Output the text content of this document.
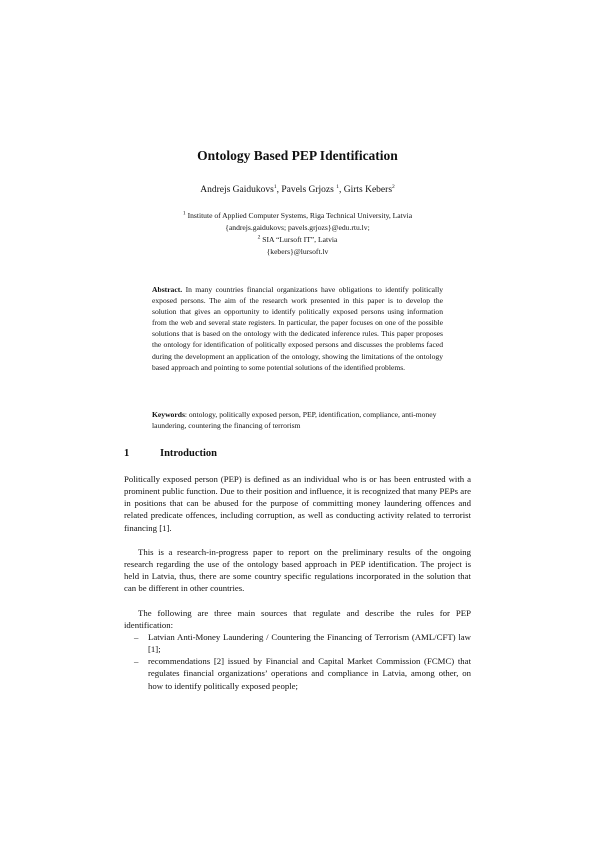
Ontology Based PEP Identification
Andrejs Gaidukovs$^1$, Pavels Grjozs $^1$, Girts Kebers$^2$
$^1$ Institute of Applied Computer Systems, Riga Technical University, Latvia
{andrejs.gaidukovs; pavels.grjozs}@edu.rtu.lv;
$^2$ SIA “Lursoft IT”, Latvia
{kebers}@lursoft.lv
Abstract. In many countries financial organizations have obligations to identify politically exposed persons. The aim of the research work presented in this paper is to develop the solution that gives an opportunity to identify politically exposed persons using information from the web and several state registers. In particular, the paper focuses on one of the possible solutions that is based on the ontology with the dedicated inference rules. This paper proposes the ontology for identification of politically exposed persons and discusses the problems faced during the development an application of the ontology, showing the limitations of the ontology based approach and pointing to some potential solutions of the identified problems.
Keywords: ontology, politically exposed person, PEP, identification, compliance, anti-money laundering, countering the financing of terrorism
1	Introduction
Politically exposed person (PEP) is defined as an individual who is or has been entrusted with a prominent public function. Due to their position and influence, it is recognized that many PEPs are in positions that can be abused for the purpose of committing money laundering offences and related predicate offences, including corruption, as well as conducting activity related to terrorist financing [1].
This is a research-in-progress paper to report on the preliminary results of the ongoing research regarding the use of the ontology based approach in PEP identification. The project is held in Latvia, thus, there are some country specific regulations incorporated in the solution that can be different in other countries.
The following are three main sources that regulate and describe the rules for PEP identification:
– Latvian Anti-Money Laundering / Countering the Financing of Terrorism (AML/CFT) law [1];
– recommendations [2] issued by Financial and Capital Market Commission (FCMC) that regulates financial organizations’ operations and compliance in Latvia, among other, on how to identify politically exposed people;
